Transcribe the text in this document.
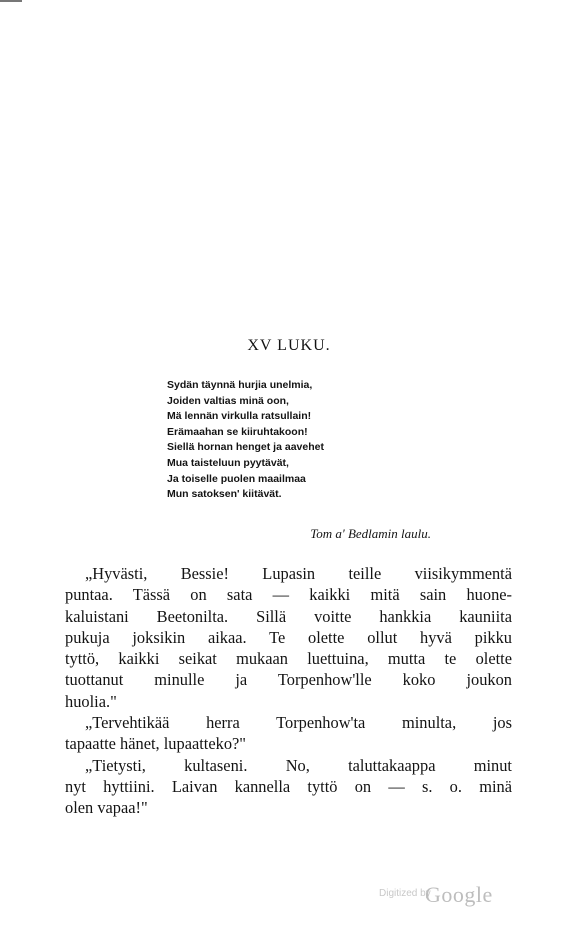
XV LUKU.
Sydän täynnä hurjia unelmia,
Joiden valtias minä oon,
Mä lennän virkulla ratsullain!
Erämaahan se kiiruhtakoon!
Siellä hornan henget ja aavehet
Mua taisteluun pyytävät,
Ja toiselle puolen maailmaa
Mun satoksen' kiitävät.
Tom a' Bedlamin laulu.
„Hyvästi, Bessie! Lupasin teille viisikymmentä
puntaa. Tässä on sata — kaikki mitä sain huone-
kaluistani Beetonilta. Sillä voitte hankkia kauniita
pukuja joksikin aikaa. Te olette ollut hyvä pikku
tyttö, kaikki seikat mukaan luettuina, mutta te olette
tuottanut minulle ja Torpenhow'lle koko joukon
huolia."
„Tervehtikää herra Torpenhow'ta minulta, jos
tapaatte hänet, lupaatteko?"
„Tietysti, kultaseni. No, taluttakaappa minut
nyt hyttiini. Laivan kannella tyttö on — s. o. minä
olen vapaa!"
Digitized by
Google
